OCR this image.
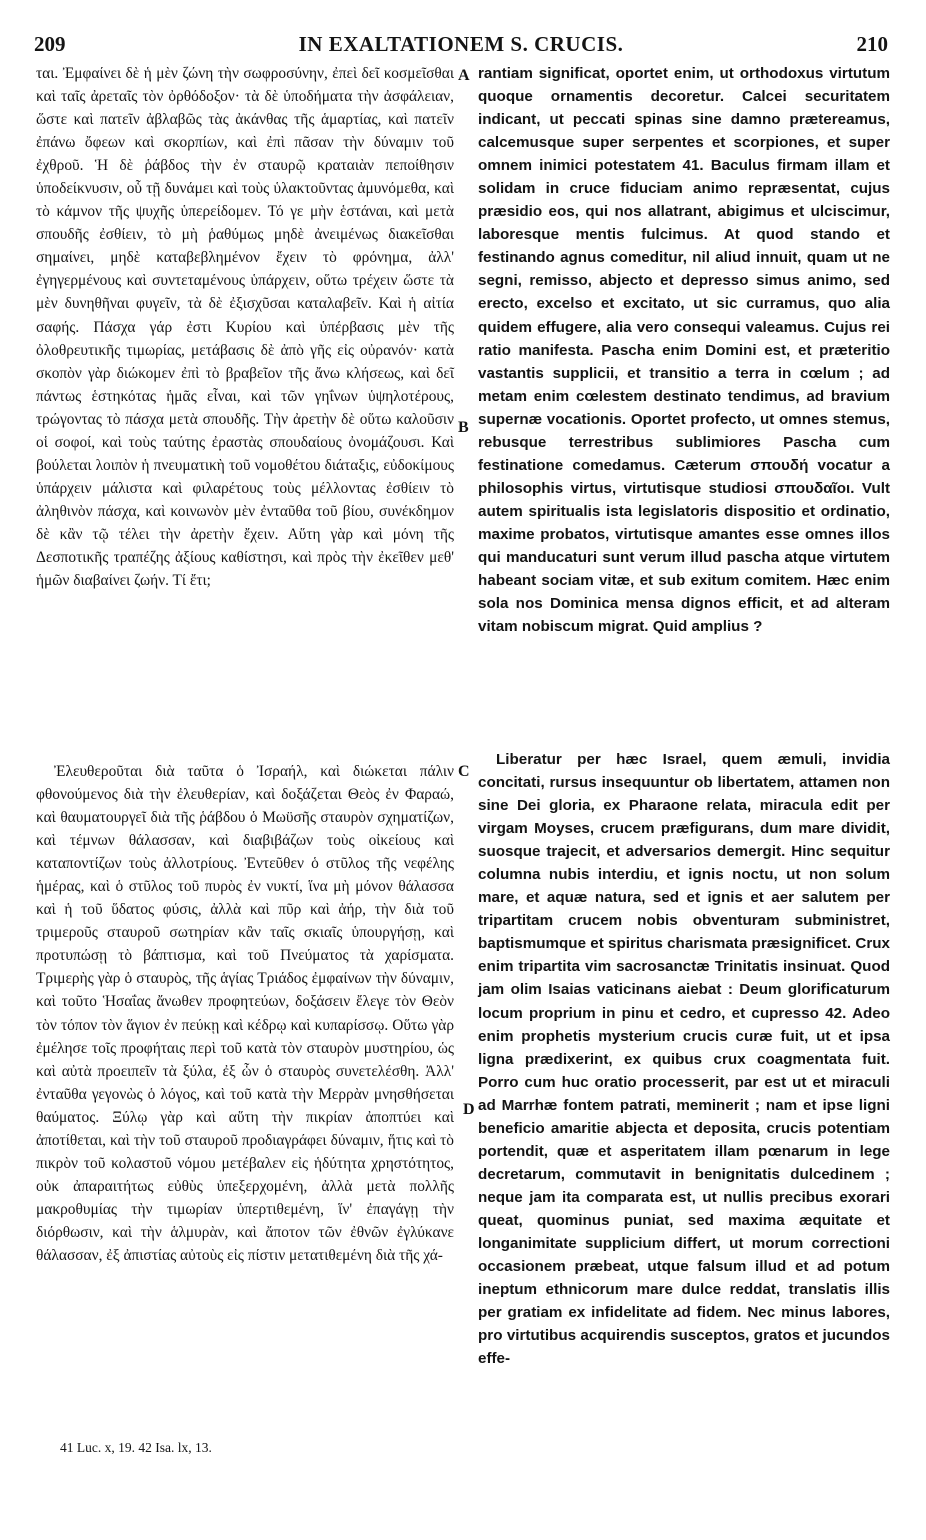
209	IN EXALTATIONEM S. CRUCIS.	210

ται. Ἐμφαίνει δὲ ἡ μὲν ζώνη τὴν σωφροσύνην, ἐπεὶ δεῖ κοσμεῖσθαι καὶ ταῖς ἀρεταῖς τὸν ὀρθόδοξον· τὰ δὲ ὑποδήματα τὴν ἀσφάλειαν, ὥστε καὶ πατεῖν ἀβλαβῶς τὰς ἀκάνθας τῆς ἁμαρτίας, καὶ πατεῖν ἐπάνω ὄφεων καὶ σκορπίων, καὶ ἐπὶ πᾶσαν τὴν δύναμιν τοῦ ἐχθροῦ. Ἡ δὲ ῥάβδος τὴν ἐν σταυρῷ κραταιὰν πεποίθησιν ὑποδείκνυσιν, οὗ τῇ δυνάμει καὶ τοὺς ὑλακτοῦντας ἀμυνόμεθα, καὶ τὸ κάμνον τῆς ψυχῆς ὑπερείδομεν. Τό γε μὴν ἑστάναι, καὶ μετὰ σπουδῆς ἐσθίειν, τὸ μὴ ῥαθύμως μηδὲ ἀνειμένως διακεῖσθαι σημαίνει, μηδὲ καταβεβλημένον ἔχειν τὸ φρόνημα, ἀλλ' ἐγηγερμένους καὶ συντεταμένους ὑπάρχειν, οὕτω τρέχειν ὥστε τὰ μὲν δυνηθῆναι φυγεῖν, τὰ δὲ ἐξισχῦσαι καταλαβεῖν. Καὶ ἡ αἰτία σαφής. Πάσχα γάρ ἐστι Κυρίου καὶ ὑπέρβασις μὲν τῆς ὀλοθρευτικῆς τιμωρίας, μετάβασις δὲ ἀπὸ γῆς εἰς οὐρανόν· κατὰ σκοπὸν γὰρ διώκομεν ἐπὶ τὸ βραβεῖον τῆς ἄνω κλήσεως, καὶ δεῖ πάντως ἑστηκότας ἡμᾶς εἶναι, καὶ τῶν γηΐνων ὑψηλοτέρους, τρώγοντας τὸ πάσχα μετὰ σπουδῆς. Τὴν ἀρετὴν δὲ οὕτω καλοῦσιν οἱ σοφοί, καὶ τοὺς ταύτης ἐραστὰς σπουδαίους ὀνομάζουσι. Καὶ βούλεται λοιπὸν ἡ πνευματικὴ τοῦ νομοθέτου διάταξις, εὐδοκίμους ὑπάρχειν μάλιστα καὶ φιλαρέτους τοὺς μέλλοντας ἐσθίειν τὸ ἀληθινὸν πάσχα, καὶ κοινωνὸν μὲν ἐνταῦθα τοῦ βίου, συνέκδημον δὲ κἂν τῷ τέλει τὴν ἀρετὴν ἔχειν. Αὕτη γὰρ καὶ μόνη τῆς Δεσποτικῆς τραπέζης ἀξίους καθίστησι, καὶ πρὸς τὴν ἐκεῖθεν μεθ' ἡμῶν διαβαίνει ζωήν. Τί ἔτι;

Ἐλευθεροῦται διὰ ταῦτα ὁ Ἰσραήλ, καὶ διώκεται πάλιν φθονούμενος διὰ τὴν ἐλευθερίαν, καὶ δοξάζεται Θεὸς ἐν Φαραώ, καὶ θαυματουργεῖ διὰ τῆς ῥάβδου ὁ Μωϋσῆς σταυρὸν σχηματίζων, καὶ τέμνων θάλασσαν, καὶ διαβιβάζων τοὺς οἰκείους καὶ καταποντίζων τοὺς ἀλλοτρίους. Ἐντεῦθεν ὁ στῦλος τῆς νεφέλης ἡμέρας, καὶ ὁ στῦλος τοῦ πυρὸς ἐν νυκτί, ἵνα μὴ μόνον θάλασσα καὶ ἡ τοῦ ὕδατος φύσις, ἀλλὰ καὶ πῦρ καὶ ἀήρ, τὴν διὰ τοῦ τριμεροῦς σταυροῦ σωτηρίαν κἂν ταῖς σκιαῖς ὑπουργήσῃ, καὶ προτυπώσῃ τὸ βάπτισμα, καὶ τοῦ Πνεύματος τὰ χαρίσματα. Τριμερὴς γὰρ ὁ σταυρὸς, τῆς ἁγίας Τριάδος ἐμφαίνων τὴν δύναμιν, καὶ τοῦτο Ἡσαΐας ἄνωθεν προφητεύων, δοξάσειν ἔλεγε τὸν Θεὸν τὸν τόπον τὸν ἅγιον ἐν πεύκῃ καὶ κέδρῳ καὶ κυπαρίσσῳ. Οὕτω γὰρ ἐμέλησε τοῖς προφήταις περὶ τοῦ κατὰ τὸν σταυρὸν μυστηρίου, ὡς καὶ αὐτὰ προειπεῖν τὰ ξύλα, ἐξ ὧν ὁ σταυρὸς συνετελέσθη. Ἀλλ' ἐνταῦθα γεγονὼς ὁ λόγος, καὶ τοῦ κατὰ τὴν Μερρὰν μνησθήσεται θαύματος. Ξύλῳ γὰρ καὶ αὕτη τὴν πικρίαν ἀποπτύει καὶ ἀποτίθεται, καὶ τὴν τοῦ σταυροῦ προδιαγράφει δύναμιν, ἥτις καὶ τὸ πικρὸν τοῦ κολαστοῦ νόμου μετέβαλεν εἰς ἡδύτητα χρηστότητος, οὐκ ἀπαραιτήτως εὐθὺς ὑπεξερχομένη, ἀλλὰ μετὰ πολλῆς μακροθυμίας τὴν τιμωρίαν ὑπερτιθεμένη, ἵν' ἐπαγάγῃ τὴν διόρθωσιν, καὶ τὴν ἁλμυρὰν, καὶ ἄποτον τῶν ἐθνῶν ἐγλύκανε θάλασσαν, ἐξ ἀπιστίας αὐτοὺς εἰς πίστιν μετατιθεμένη διὰ τῆς χά-

rantiam significat, oportet enim, ut orthodoxus virtutum quoque ornamentis decoretur. Calcei securitatem indicant, ut peccati spinas sine damno prætereamus, calcemusque super serpentes et scorpiones, et super omnem inimici potestatem 41. Baculus firmam illam et solidam in cruce fiduciam animo repræsentat, cujus præsidio eos, qui nos allatrant, abigimus et ulciscimur, laboresque mentis fulcimus. At quod stando et festinando agnus comeditur, nil aliud innuit, quam ut ne segni, remisso, abjecto et depresso simus animo, sed erecto, excelso et excitato, ut sic curramus, quo alia quidem effugere, alia vero consequi valeamus. Cujus rei ratio manifesta. Pascha enim Domini est, et præteritio vastantis supplicii, et transitio a terra in cœlum ; ad metam enim cœlestem destinato tendimus, ad bravium supernæ vocationis. Oportet profecto, ut omnes stemus, rebusque terrestribus sublimiores Pascha cum festinatione comedamus. Cæterum σπουδή vocatur a philosophis virtus, virtutisque studiosi σπουδαῖοι. Vult autem spiritualis ista legislatoris dispositio et ordinatio, maxime probatos, virtutisque amantes esse omnes illos qui manducaturi sunt verum illud pascha atque virtutem habeant sociam vitæ, et sub exitum comitem. Hæc enim sola nos Dominica mensa dignos efficit, et ad alteram vitam nobiscum migrat. Quid amplius ?

Liberatur per hæc Israel, quem æmuli, invidia concitati, rursus insequuntur ob libertatem, attamen non sine Dei gloria, ex Pharaone relata, miracula edit per virgam Moyses, crucem præfigurans, dum mare dividit, suosque trajecit, et adversarios demergit. Hinc sequitur columna nubis interdiu, et ignis noctu, ut non solum mare, et aquæ natura, sed et ignis et aer salutem per tripartitam crucem nobis obventuram subministret, baptismumque et spiritus charismata præsignificet. Crux enim tripartita vim sacrosanctæ Trinitatis insinuat. Quod jam olim Isaias vaticinans aiebat : Deum glorificaturum locum proprium in pinu et cedro, et cupresso 42. Adeo enim prophetis mysterium crucis curæ fuit, ut et ipsa ligna prædixerint, ex quibus crux coagmentata fuit. Porro cum huc oratio processerit, par est ut et miraculi ad Marrhæ fontem patrati, meminerit ; nam et ipse ligni beneficio amaritie abjecta et deposita, crucis potentiam portendit, quæ et asperitatem illam pœnarum in lege decretarum, commutavit in benignitatis dulcedinem ; neque jam ita comparata est, ut nullis precibus exorari queat, quominus puniat, sed maxima æquitate et longanimitate supplicium differt, ut morum correctioni occasionem præbeat, utque falsum illud et ad potum ineptum ethnicorum mare dulce reddat, translatis illis per gratiam ex infidelitate ad fidem. Nec minus labores, pro virtutibus acquirendis susceptos, gratos et jucundos effe-

A
B
C
D
41 Luc. x, 19. 42 Isa. lx, 13.
